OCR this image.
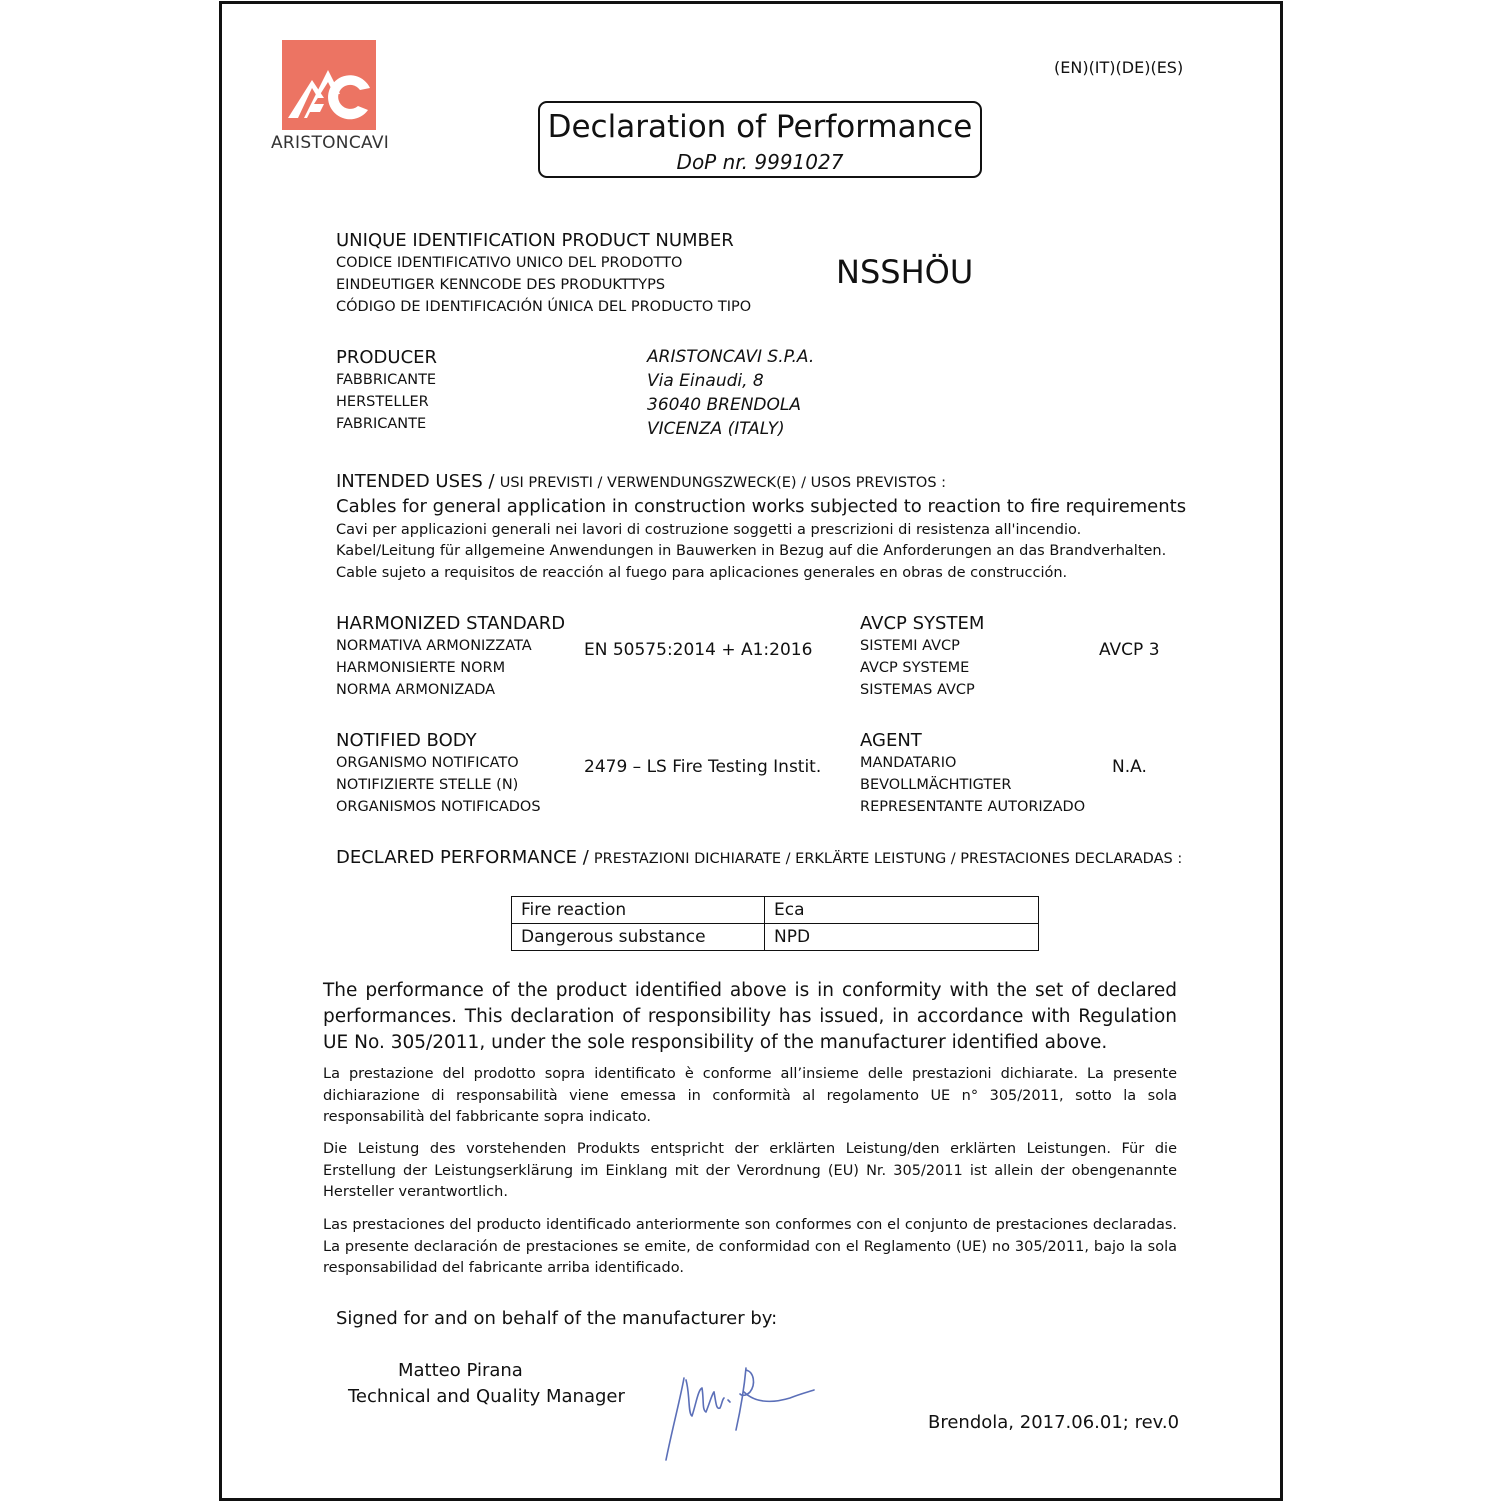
ARISTONCAVI
(EN)(IT)(DE)(ES)
Declaration of Performance
DoP nr. 9991027
UNIQUE IDENTIFICATION PRODUCT NUMBER
CODICE IDENTIFICATIVO UNICO DEL PRODOTTO
EINDEUTIGER KENNCODE DES PRODUKTTYPS
CÓDIGO DE IDENTIFICACIÓN ÚNICA DEL PRODUCTO TIPO
NSSHÖU
PRODUCER
FABBRICANTE
HERSTELLER
FABRICANTE
ARISTONCAVI S.P.A.
Via Einaudi, 8
36040 BRENDOLA
VICENZA (ITALY)
INTENDED USES / USI PREVISTI / VERWENDUNGSZWECK(E) / USOS PREVISTOS :
Cables for general application in construction works subjected to reaction to fire requirements
Cavi per applicazioni generali nei lavori di costruzione soggetti a prescrizioni di resistenza all'incendio.
Kabel/Leitung für allgemeine Anwendungen in Bauwerken in Bezug auf die Anforderungen an das Brandverhalten.
Cable sujeto a requisitos de reacción al fuego para aplicaciones generales en obras de construcción.
HARMONIZED STANDARD
NORMATIVA ARMONIZZATA
HARMONISIERTE NORM
NORMA ARMONIZADA
EN 50575:2014 + A1:2016
AVCP SYSTEM
SISTEMI AVCP
AVCP SYSTEME
SISTEMAS AVCP
AVCP 3
NOTIFIED BODY
ORGANISMO NOTIFICATO
NOTIFIZIERTE STELLE (N)
ORGANISMOS NOTIFICADOS
2479 – LS Fire Testing Instit.
AGENT
MANDATARIO
BEVOLLMÄCHTIGTER
REPRESENTANTE AUTORIZADO
N.A.
DECLARED PERFORMANCE / PRESTAZIONI DICHIARATE / ERKLÄRTE LEISTUNG / PRESTACIONES DECLARADAS :
Fire reaction	Eca
Dangerous substance	NPD
The performance of the product identified above is in conformity with the set of declared performances. This declaration of responsibility has issued, in accordance with Regulation UE No. 305/2011, under the sole responsibility of the manufacturer identified above.
La prestazione del prodotto sopra identificato è conforme all’insieme delle prestazioni dichiarate. La presente dichiarazione di responsabilità viene emessa in conformità al regolamento UE n° 305/2011, sotto la sola responsabilità del fabbricante sopra indicato.
Die Leistung des vorstehenden Produkts entspricht der erklärten Leistung/den erklärten Leistungen. Für die Erstellung der Leistungserklärung im Einklang mit der Verordnung (EU) Nr. 305/2011 ist allein der obengenannte Hersteller verantwortlich.
Las prestaciones del producto identificado anteriormente son conformes con el conjunto de prestaciones declaradas. La presente declaración de prestaciones se emite, de conformidad con el Reglamento (UE) no 305/2011, bajo la sola responsabilidad del fabricante arriba identificado.
Signed for and on behalf of the manufacturer by:
Matteo Pirana
Technical and Quality Manager
Brendola, 2017.06.01; rev.0
